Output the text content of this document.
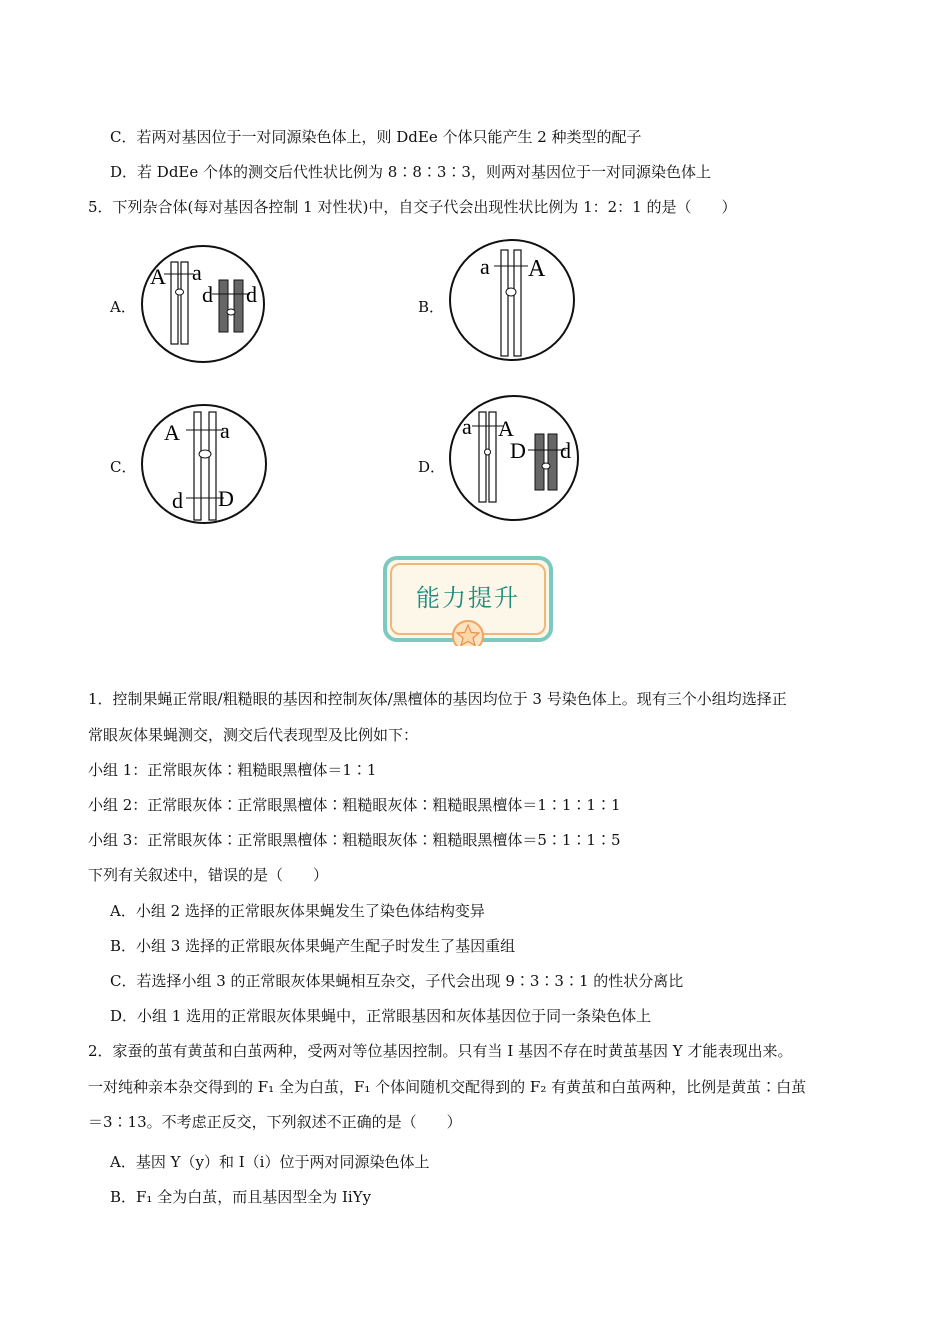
C．若两对基因位于一对同源染色体上，则 DdEe 个体只能产生 2 种类型的配子
D．若 DdEe 个体的测交后代性状比例为 8∶8∶3∶3，则两对基因位于一对同源染色体上
5．下列杂合体(每对基因各控制 1 对性状)中，自交子代会出现性状比例为 1：2：1 的是（　　）
A．	B．
C．	D．
A a
d d
a A
A a
d D
a A
D d
能力提升
1．控制果蝇正常眼/粗糙眼的基因和控制灰体/黑檀体的基因均位于 3 号染色体上。现有三个小组均选择正
常眼灰体果蝇测交，测交后代表现型及比例如下：
小组 1：正常眼灰体∶粗糙眼黑檀体＝1∶1
小组 2：正常眼灰体∶正常眼黑檀体∶粗糙眼灰体∶粗糙眼黑檀体＝1∶1∶1∶1
小组 3：正常眼灰体∶正常眼黑檀体∶粗糙眼灰体∶粗糙眼黑檀体＝5∶1∶1∶5
下列有关叙述中，错误的是（　　）
A．小组 2 选择的正常眼灰体果蝇发生了染色体结构变异
B．小组 3 选择的正常眼灰体果蝇产生配子时发生了基因重组
C．若选择小组 3 的正常眼灰体果蝇相互杂交，子代会出现 9∶3∶3∶1 的性状分离比
D．小组 1 选用的正常眼灰体果蝇中，正常眼基因和灰体基因位于同一条染色体上
2．家蚕的茧有黄茧和白茧两种，受两对等位基因控制。只有当 I 基因不存在时黄茧基因 Y 才能表现出来。
一对纯种亲本杂交得到的 F₁ 全为白茧，F₁ 个体间随机交配得到的 F₂ 有黄茧和白茧两种，比例是黄茧∶白茧
＝3∶13。不考虑正反交，下列叙述不正确的是（　　）
A．基因 Y（y）和 I（i）位于两对同源染色体上
B．F₁ 全为白茧，而且基因型全为 IiYy
